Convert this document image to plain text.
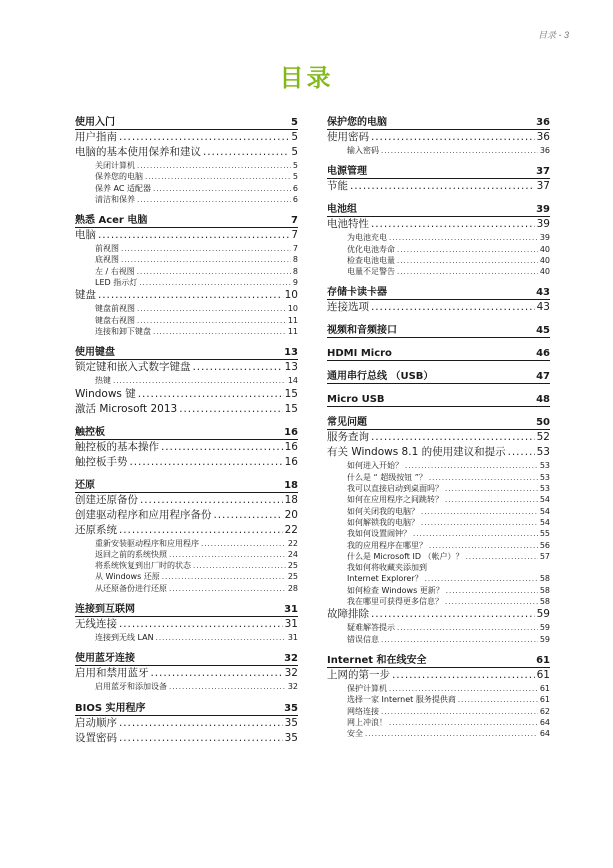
目录 - 3
目录
使用入门	5
用户指南 . . .	5
电脑的基本使用保养和建议 . . .	5
关闭计算机 . . .	5
保养您的电脑 . . .	5
保养 AC 适配器 . . .	6
清洁和保养 . . .	6
熟悉 Acer 电脑	7
电脑 . . .	7
前视图 . . .	7
底视图 . . .	8
左 / 右视图 . . .	8
LED 指示灯 . . .	9
键盘 . . .	10
键盘前视图 . . .	10
键盘右视图 . . .	11
连接和卸下键盘 . . .	11
使用键盘	13
锁定键和嵌入式数字键盘 . . .	13
热键 . . .	14
Windows 键 . . .	15
激活 Microsoft 2013 . . .	15
触控板	16
触控板的基本操作 . . .	16
触控板手势 . . .	16
还原	18
创建还原备份 . . .	18
创建驱动程序和应用程序备份 . . .	20
还原系统 . . .	22
重新安装驱动程序和应用程序 . . .	22
返回之前的系统快照 . . .	24
将系统恢复到出厂时的状态 . . .	25
从 Windows 还原 . . .	25
从还原备份进行还原 . . .	28
连接到互联网	31
无线连接 . . .	31
连接到无线 LAN . . .	31
使用蓝牙连接	32
启用和禁用蓝牙 . . .	32
启用蓝牙和添加设备 . . .	32
BIOS 实用程序	35
启动顺序 . . .	35
设置密码 . . .	35
保护您的电脑	36
使用密码 . . .	36
输入密码 . . .	36
电源管理	37
节能 . . .	37
电池组	39
电池特性 . . .	39
为电池充电 . . .	39
优化电池寿命 . . .	40
检查电池电量 . . .	40
电量不足警告 . . .	40
存储卡读卡器	43
连接选项 . . .	43
视频和音频接口	45
HDMI Micro	46
通用串行总线 （USB）	47
Micro USB	48
常见问题	50
服务查询 . . .	52
有关 Windows 8.1 的使用建议和提示 . . .	53
如何进入开始？ . . .	53
什么是 “ 超级按钮 ”？ . . .	53
我可以直接启动到桌面吗？ . . .	53
如何在应用程序之间跳转？ . . .	54
如何关闭我的电脑？ . . .	54
如何解锁我的电脑？ . . .	54
我如何设置闹钟？ . . .	55
我的应用程序在哪里？ . . .	56
什么是 Microsoft ID （帐户）？ . . .	57
我如何将收藏夹添加到
Internet Explorer？ . . .	58
如何检查 Windows 更新？ . . .	58
我在哪里可获得更多信息？ . . .	58
故障排除 . . .	59
疑难解答提示 . . .	59
错误信息 . . .	59
Internet 和在线安全	61
上网的第一步 . . .	61
保护计算机 . . .	61
选择一家 Internet 服务提供商 . . .	61
网络连接 . . .	62
网上冲浪！ . . .	64
安全 . . .	64
